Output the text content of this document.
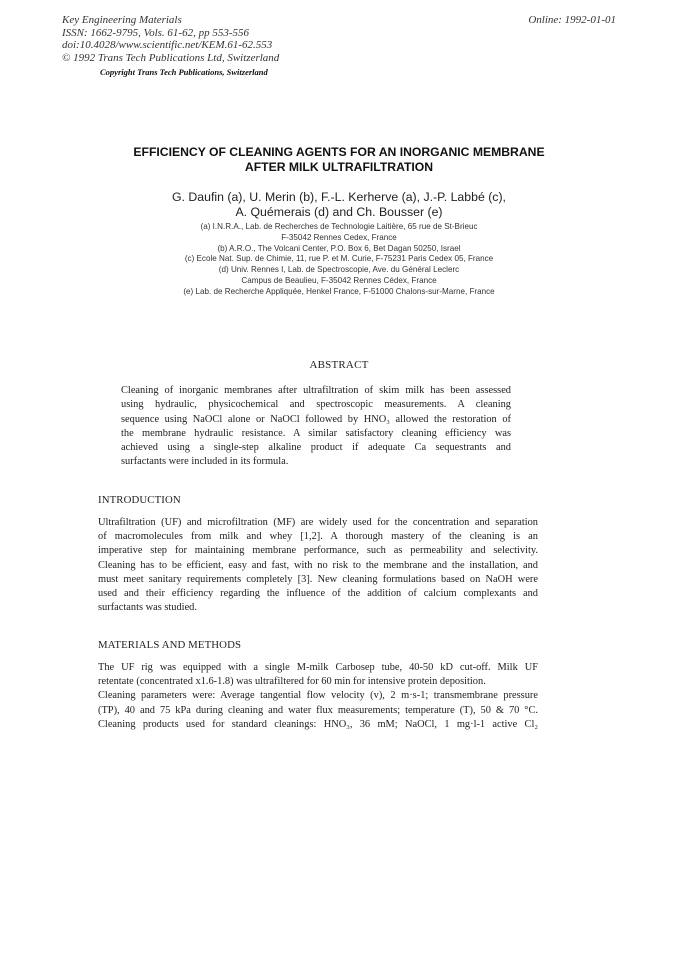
Key Engineering Materials
ISSN: 1662-9795, Vols. 61-62, pp 553-556
doi:10.4028/www.scientific.net/KEM.61-62.553
© 1992 Trans Tech Publications Ltd, Switzerland
Copyright Trans Tech Publications, Switzerland
Online: 1992-01-01
EFFICIENCY OF CLEANING AGENTS FOR AN INORGANIC MEMBRANE
AFTER MILK ULTRAFILTRATION
G. Daufin (a), U. Merin (b), F.-L. Kerherve (a), J.-P. Labbé (c),
A. Quémerais (d) and Ch. Bousser (e)
(a) I.N.R.A., Lab. de Recherches de Technologie Laitière, 65 rue de St-Brieuc
F-35042 Rennes Cedex, France
(b) A.R.O., The Volcani Center, P.O. Box 6, Bet Dagan 50250, Israel
(c) Ecole Nat. Sup. de Chimie, 11, rue P. et M. Curie, F-75231 Paris Cedex 05, France
(d) Univ. Rennes I, Lab. de Spectroscopie, Ave. du Général Leclerc
Campus de Beaulieu, F-35042 Rennes Cédex, France
(e) Lab. de Recherche Appliquée, Henkel France, F-51000 Chalons-sur-Marne, France
ABSTRACT
Cleaning of inorganic membranes after ultrafiltration of skim milk has been assessed
using hydraulic, physicochemical and spectroscopic measurements. A cleaning
sequence using NaOCl alone or NaOCl followed by HNO₃ allowed the restoration of
the membrane hydraulic resistance. A similar satisfactory cleaning efficiency was
achieved using a single-step alkaline product if adequate Ca sequestrants and
surfactants were included in its formula.
INTRODUCTION
Ultrafiltration (UF) and microfiltration (MF) are widely used for the concentration and separation
of macromolecules from milk and whey [1,2]. A thorough mastery of the cleaning is an
imperative step for maintaining membrane performance, such as permeability and selectivity.
Cleaning has to be efficient, easy and fast, with no risk to the membrane and the installation, and
must meet sanitary requirements completely [3]. New cleaning formulations based on NaOH were
used and their efficiency regarding the influence of the addition of calcium complexants and
surfactants was studied.
MATERIALS AND METHODS
The UF rig was equipped with a single M-milk Carbosep tube, 40-50 kD cut-off. Milk UF
retentate (concentrated x1.6-1.8) was ultrafiltered for 60 min for intensive protein deposition.
Cleaning parameters were: Average tangential flow velocity (v), 2 m·s-1; transmembrane pressure
(TP), 40 and 75 kPa during cleaning and water flux measurements; temperature (T), 50 & 70 °C.
Cleaning products used for standard cleanings: HNO₃, 36 mM; NaOCl, 1 mg·l-1 active Cl₂
